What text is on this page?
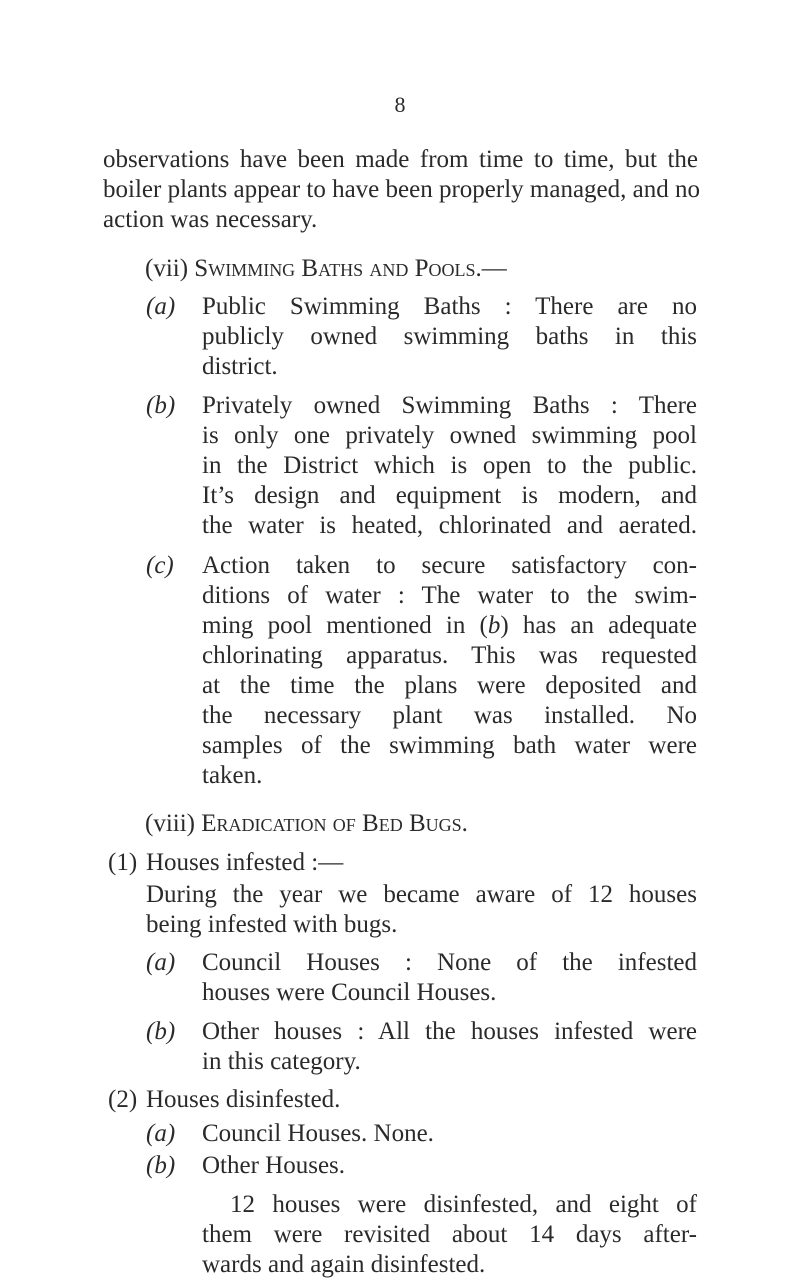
8
observations have been made from time to time, but the
boiler plants appear to have been properly managed, and no
action was necessary.
(vii) Swimming Baths and Pools.—
(a) Public Swimming Baths : There are no
publicly owned swimming baths in this
district.
(b) Privately owned Swimming Baths : There
is only one privately owned swimming pool
in the District which is open to the public.
It’s design and equipment is modern, and
the water is heated, chlorinated and aerated.
(c) Action taken to secure satisfactory con-
ditions of water : The water to the swim-
ming pool mentioned in (b) has an adequate
chlorinating apparatus. This was requested
at the time the plans were deposited and
the necessary plant was installed. No
samples of the swimming bath water were
taken.
(viii) Eradication of Bed Bugs.
(1) Houses infested :—
During the year we became aware of 12 houses
being infested with bugs.
(a) Council Houses : None of the infested
houses were Council Houses.
(b) Other houses : All the houses infested were
in this category.
(2) Houses disinfested.
(a) Council Houses. None.
(b) Other Houses.
12 houses were disinfested, and eight of
them were revisited about 14 days after-
wards and again disinfested.
